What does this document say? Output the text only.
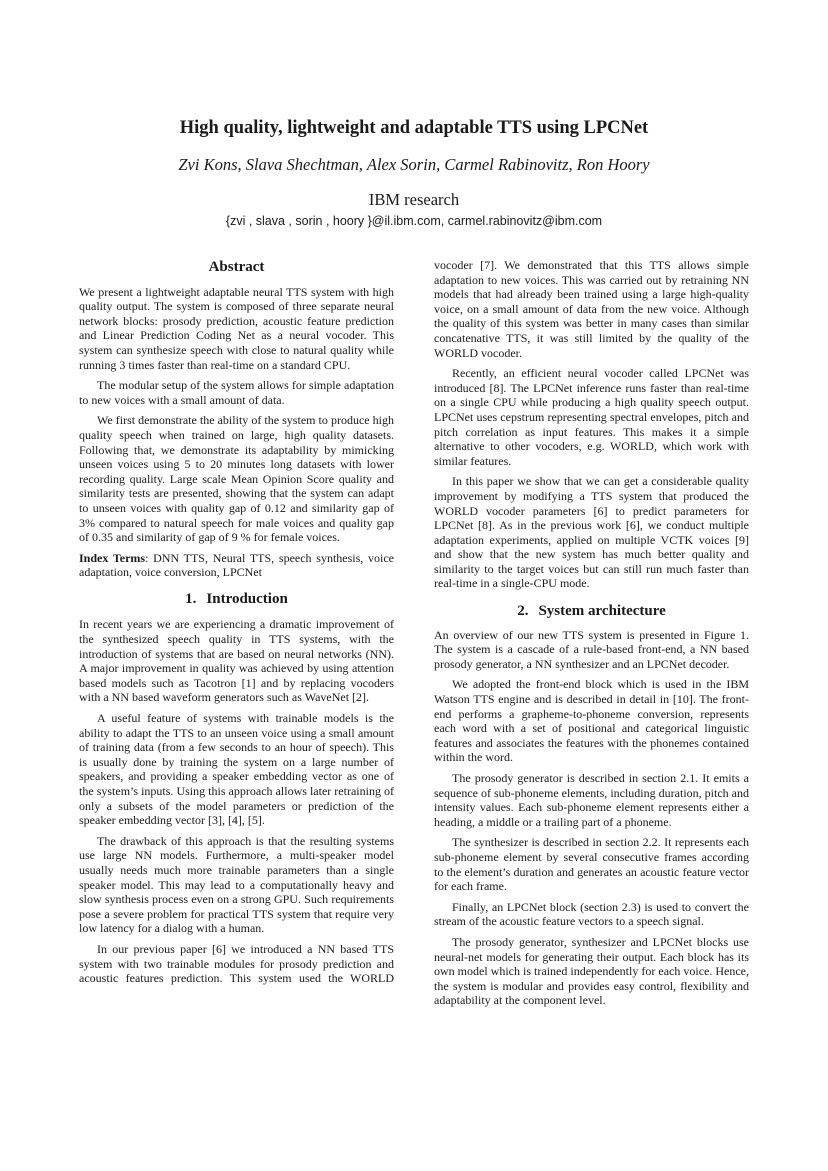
High quality, lightweight and adaptable TTS using LPCNet
Zvi Kons, Slava Shechtman, Alex Sorin, Carmel Rabinovitz, Ron Hoory
IBM research
{zvi , slava , sorin , hoory }@il.ibm.com, carmel.rabinovitz@ibm.com
Abstract

We present a lightweight adaptable neural TTS system with high quality output. The system is composed of three separate neural network blocks: prosody prediction, acoustic feature prediction and Linear Prediction Coding Net as a neural vocoder. This system can synthesize speech with close to natural quality while running 3 times faster than real-time on a standard CPU.

The modular setup of the system allows for simple adaptation to new voices with a small amount of data.

We first demonstrate the ability of the system to produce high quality speech when trained on large, high quality datasets. Following that, we demonstrate its adaptability by mimicking unseen voices using 5 to 20 minutes long datasets with lower recording quality. Large scale Mean Opinion Score quality and similarity tests are presented, showing that the system can adapt to unseen voices with quality gap of 0.12 and similarity gap of 3% compared to natural speech for male voices and quality gap of 0.35 and similarity of gap of 9 % for female voices.

Index Terms: DNN TTS, Neural TTS, speech synthesis, voice adaptation, voice conversion, LPCNet

1. Introduction

In recent years we are experiencing a dramatic improvement of the synthesized speech quality in TTS systems, with the introduction of systems that are based on neural networks (NN). A major improvement in quality was achieved by using attention based models such as Tacotron [1] and by replacing vocoders with a NN based waveform generators such as WaveNet [2].

A useful feature of systems with trainable models is the ability to adapt the TTS to an unseen voice using a small amount of training data (from a few seconds to an hour of speech). This is usually done by training the system on a large number of speakers, and providing a speaker embedding vector as one of the system’s inputs. Using this approach allows later retraining of only a subsets of the model parameters or prediction of the speaker embedding vector [3], [4], [5].

The drawback of this approach is that the resulting systems use large NN models. Furthermore, a multi-speaker model usually needs much more trainable parameters than a single speaker model. This may lead to a computationally heavy and slow synthesis process even on a strong GPU. Such requirements pose a severe problem for practical TTS system that require very low latency for a dialog with a human.

In our previous paper [6] we introduced a NN based TTS system with two trainable modules for prosody prediction and acoustic features prediction. This system used the WORLD

vocoder [7]. We demonstrated that this TTS allows simple adaptation to new voices. This was carried out by retraining NN models that had already been trained using a large high-quality voice, on a small amount of data from the new voice. Although the quality of this system was better in many cases than similar concatenative TTS, it was still limited by the quality of the WORLD vocoder.

Recently, an efficient neural vocoder called LPCNet was introduced [8]. The LPCNet inference runs faster than real-time on a single CPU while producing a high quality speech output. LPCNet uses cepstrum representing spectral envelopes, pitch and pitch correlation as input features. This makes it a simple alternative to other vocoders, e.g. WORLD, which work with similar features.

In this paper we show that we can get a considerable quality improvement by modifying a TTS system that produced the WORLD vocoder parameters [6] to predict parameters for LPCNet [8]. As in the previous work [6], we conduct multiple adaptation experiments, applied on multiple VCTK voices [9] and show that the new system has much better quality and similarity to the target voices but can still run much faster than real-time in a single-CPU mode.

2. System architecture

An overview of our new TTS system is presented in Figure 1. The system is a cascade of a rule-based front-end, a NN based prosody generator, a NN synthesizer and an LPCNet decoder.

We adopted the front-end block which is used in the IBM Watson TTS engine and is described in detail in [10]. The front-end performs a grapheme-to-phoneme conversion, represents each word with a set of positional and categorical linguistic features and associates the features with the phonemes contained within the word.

The prosody generator is described in section 2.1. It emits a sequence of sub-phoneme elements, including duration, pitch and intensity values. Each sub-phoneme element represents either a heading, a middle or a trailing part of a phoneme.

The synthesizer is described in section 2.2. It represents each sub-phoneme element by several consecutive frames according to the element’s duration and generates an acoustic feature vector for each frame.

Finally, an LPCNet block (section 2.3) is used to convert the stream of the acoustic feature vectors to a speech signal.

The prosody generator, synthesizer and LPCNet blocks use neural-net models for generating their output. Each block has its own model which is trained independently for each voice. Hence, the system is modular and provides easy control, flexibility and adaptability at the component level.
